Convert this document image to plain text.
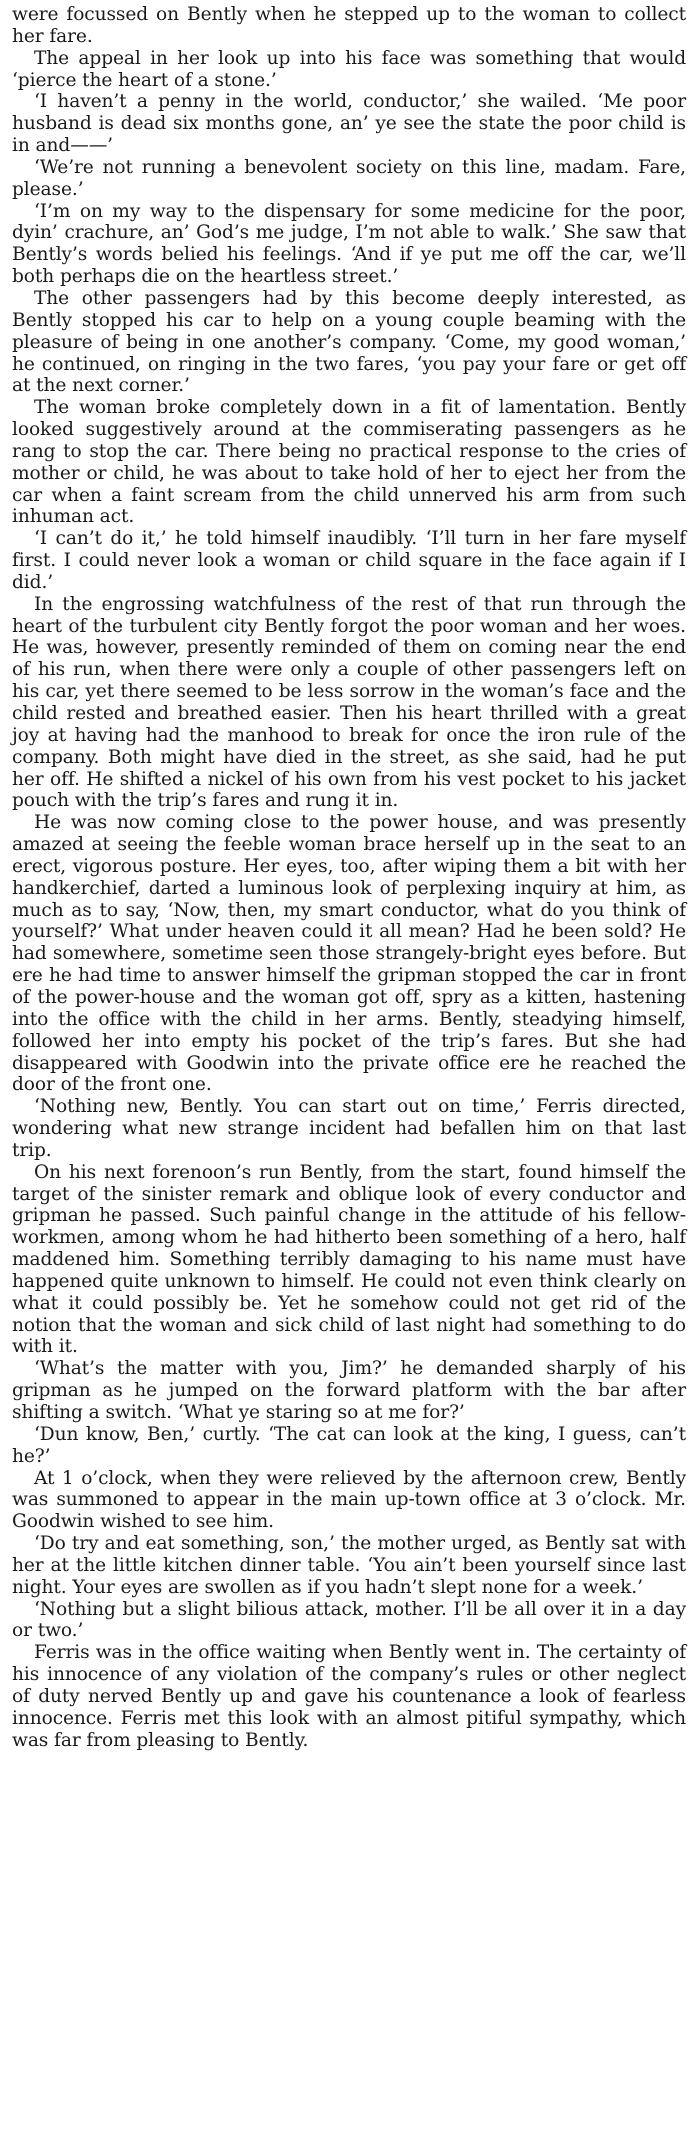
were focussed on Bently when he stepped up to the woman to collect her fare.

The appeal in her look up into his face was something that would ‘pierce the heart of a stone.’

‘I haven’t a penny in the world, conductor,’ she wailed. ‘Me poor husband is dead six months gone, an’ ye see the state the poor child is in and——’

‘We’re not running a benevolent society on this line, madam. Fare, please.’

‘I’m on my way to the dispensary for some medicine for the poor, dyin’ crachure, an’ God’s me judge, I’m not able to walk.’ She saw that Bently’s words belied his feelings. ‘And if ye put me off the car, we’ll both perhaps die on the heartless street.’

The other passengers had by this become deeply interested, as Bently stopped his car to help on a young couple beaming with the pleasure of being in one another’s company. ‘Come, my good woman,’ he continued, on ringing in the two fares, ‘you pay your fare or get off at the next corner.’

The woman broke completely down in a fit of lamentation. Bently looked suggestively around at the commiserating passengers as he rang to stop the car. There being no practical response to the cries of mother or child, he was about to take hold of her to eject her from the car when a faint scream from the child unnerved his arm from such inhuman act.

‘I can’t do it,’ he told himself inaudibly. ‘I’ll turn in her fare myself first. I could never look a woman or child square in the face again if I did.’

In the engrossing watchfulness of the rest of that run through the heart of the turbulent city Bently forgot the poor woman and her woes. He was, however, presently reminded of them on coming near the end of his run, when there were only a couple of other passengers left on his car, yet there seemed to be less sorrow in the woman’s face and the child rested and breathed easier. Then his heart thrilled with a great joy at having had the manhood to break for once the iron rule of the company. Both might have died in the street, as she said, had he put her off. He shifted a nickel of his own from his vest pocket to his jacket pouch with the trip’s fares and rung it in.

He was now coming close to the power house, and was presently amazed at seeing the feeble woman brace herself up in the seat to an erect, vigorous posture. Her eyes, too, after wiping them a bit with her handkerchief, darted a luminous look of perplexing inquiry at him, as much as to say, ‘Now, then, my smart conductor, what do you think of yourself?’ What under heaven could it all mean? Had he been sold? He had somewhere, sometime seen those strangely-bright eyes before. But ere he had time to answer himself the gripman stopped the car in front of the power-house and the woman got off, spry as a kitten, hastening into the office with the child in her arms. Bently, steadying himself, followed her into empty his pocket of the trip’s fares. But she had disappeared with Goodwin into the private office ere he reached the door of the front one.

‘Nothing new, Bently. You can start out on time,’ Ferris directed, wondering what new strange incident had befallen him on that last trip.

On his next forenoon’s run Bently, from the start, found himself the target of the sinister remark and oblique look of every conductor and gripman he passed. Such painful change in the attitude of his fellow-workmen, among whom he had hitherto been something of a hero, half maddened him. Something terribly damaging to his name must have happened quite unknown to himself. He could not even think clearly on what it could possibly be. Yet he somehow could not get rid of the notion that the woman and sick child of last night had something to do with it.

‘What’s the matter with you, Jim?’ he demanded sharply of his gripman as he jumped on the forward platform with the bar after shifting a switch. ‘What ye staring so at me for?’

‘Dun know, Ben,’ curtly. ‘The cat can look at the king, I guess, can’t he?’

At 1 o’clock, when they were relieved by the afternoon crew, Bently was summoned to appear in the main up-town office at 3 o’clock. Mr. Goodwin wished to see him.

‘Do try and eat something, son,’ the mother urged, as Bently sat with her at the little kitchen dinner table. ‘You ain’t been yourself since last night. Your eyes are swollen as if you hadn’t slept none for a week.’

‘Nothing but a slight bilious attack, mother. I’ll be all over it in a day or two.’

Ferris was in the office waiting when Bently went in. The certainty of his innocence of any violation of the company’s rules or other neglect of duty nerved Bently up and gave his countenance a look of fearless innocence. Ferris met this look with an almost pitiful sympathy, which was far from pleasing to Bently.
